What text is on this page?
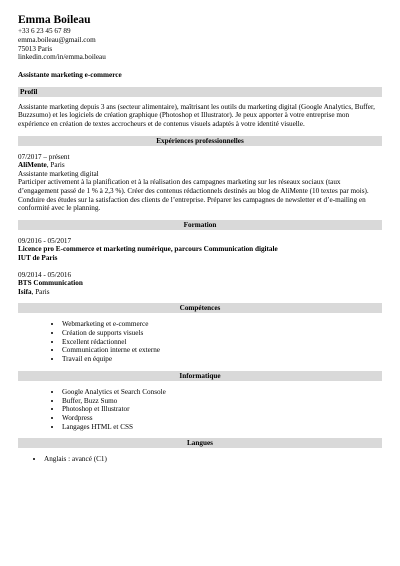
Emma Boileau
+33 6 23 45 67 89
emma.boileau@gmail.com
75013 Paris
linkedin.com/in/emma.boileau
Assistante marketing e-commerce
Profil
Assistante marketing depuis 3 ans (secteur alimentaire), maîtrisant les outils du marketing digital (Google Analytics, Buffer, Buzzsumo) et les logiciels de création graphique (Photoshop et Illustrator). Je peux apporter à votre entreprise mon expérience en création de textes accrocheurs et de contenus visuels adaptés à votre identité visuelle.
Expériences professionnelles
07/2017 – présent
AliMente, Paris
Assistante marketing digital
Participer activement à la planification et à la réalisation des campagnes marketing sur les réseaux sociaux (taux d’engagement passé de 1 % à 2,3 %). Créer des contenus rédactionnels destinés au blog de AliMente (10 textes par mois). Conduire des études sur la satisfaction des clients de l’entreprise. Préparer les campagnes de newsletter et d’e-mailing en conformité avec le planning.
Formation
09/2016 - 05/2017
Licence pro E-commerce et marketing numérique, parcours Communication digitale
IUT de Paris
09/2014 - 05/2016
BTS Communication
Isifa, Paris
Compétences
• Webmarketing et e-commerce
• Création de supports visuels
• Excellent rédactionnel
• Communication interne et externe
• Travail en équipe
Informatique
• Google Analytics et Search Console
• Buffer, Buzz Sumo
• Photoshop et Illustrator
• Wordpress
• Langages HTML et CSS
Langues
• Anglais : avancé (C1)
